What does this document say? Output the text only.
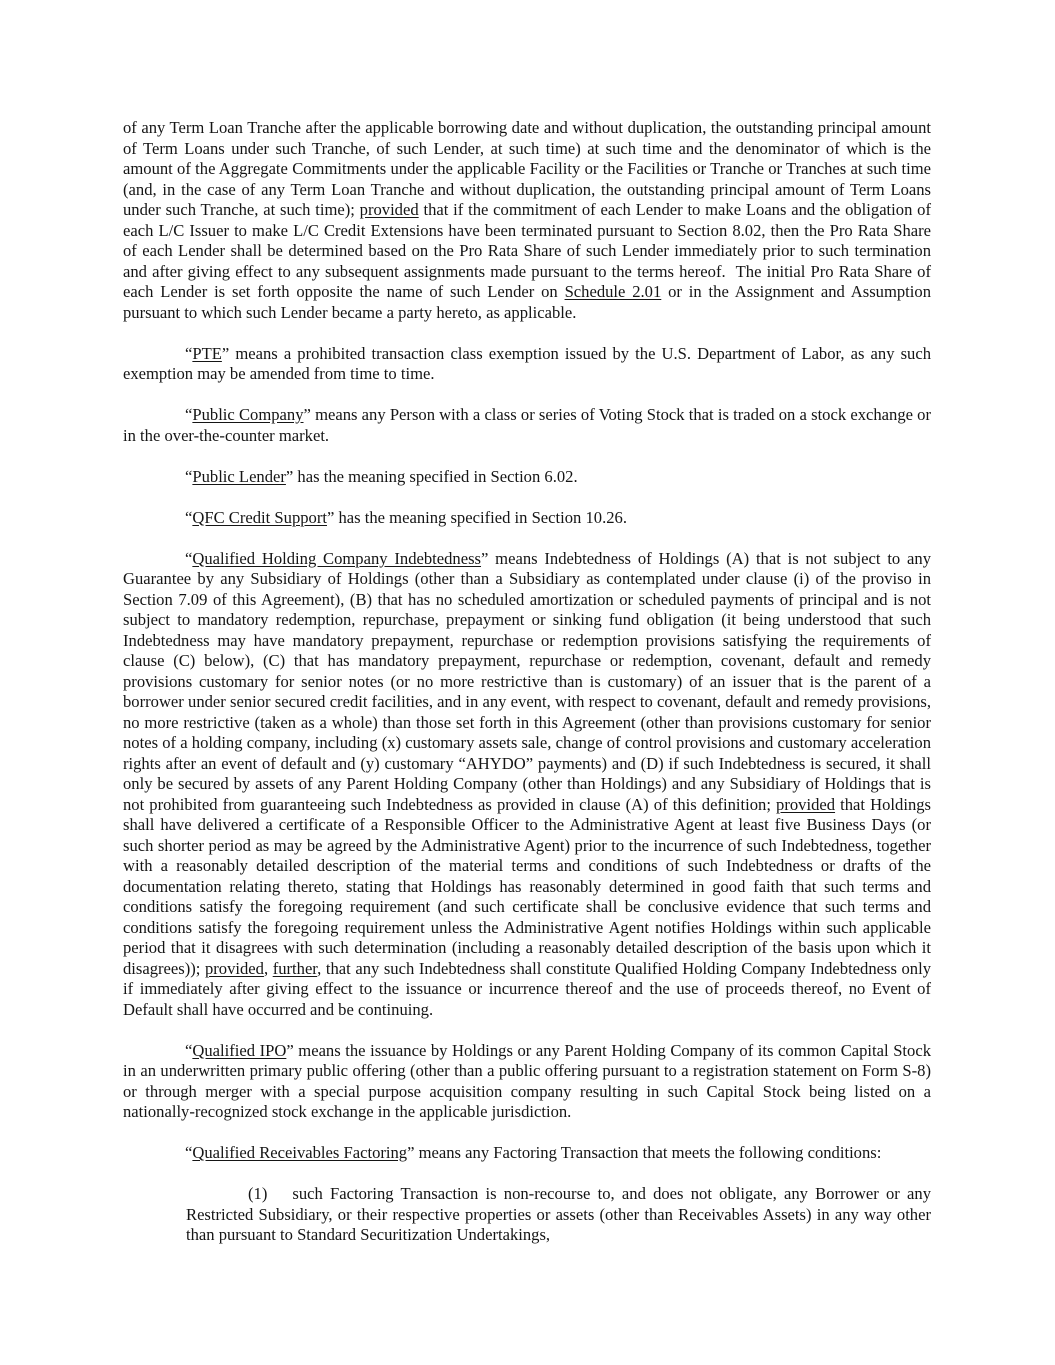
of any Term Loan Tranche after the applicable borrowing date and without duplication, the outstanding principal amount of Term Loans under such Tranche, of such Lender, at such time) at such time and the denominator of which is the amount of the Aggregate Commitments under the applicable Facility or the Facilities or Tranche or Tranches at such time (and, in the case of any Term Loan Tranche and without duplication, the outstanding principal amount of Term Loans under such Tranche, at such time); provided that if the commitment of each Lender to make Loans and the obligation of each L/C Issuer to make L/C Credit Extensions have been terminated pursuant to Section 8.02, then the Pro Rata Share of each Lender shall be determined based on the Pro Rata Share of such Lender immediately prior to such termination and after giving effect to any subsequent assignments made pursuant to the terms hereof.  The initial Pro Rata Share of each Lender is set forth opposite the name of such Lender on Schedule 2.01 or in the Assignment and Assumption pursuant to which such Lender became a party hereto, as applicable.

“PTE” means a prohibited transaction class exemption issued by the U.S. Department of Labor, as any such exemption may be amended from time to time.

“Public Company” means any Person with a class or series of Voting Stock that is traded on a stock exchange or in the over-the-counter market.

“Public Lender” has the meaning specified in Section 6.02.

“QFC Credit Support” has the meaning specified in Section 10.26.

“Qualified Holding Company Indebtedness” means Indebtedness of Holdings (A) that is not subject to any Guarantee by any Subsidiary of Holdings (other than a Subsidiary as contemplated under clause (i) of the proviso in Section 7.09 of this Agreement), (B) that has no scheduled amortization or scheduled payments of principal and is not subject to mandatory redemption, repurchase, prepayment or sinking fund obligation (it being understood that such Indebtedness may have mandatory prepayment, repurchase or redemption provisions satisfying the requirements of clause (C) below), (C) that has mandatory prepayment, repurchase or redemption, covenant, default and remedy provisions customary for senior notes (or no more restrictive than is customary) of an issuer that is the parent of a borrower under senior secured credit facilities, and in any event, with respect to covenant, default and remedy provisions, no more restrictive (taken as a whole) than those set forth in this Agreement (other than provisions customary for senior notes of a holding company, including (x) customary assets sale, change of control provisions and customary acceleration rights after an event of default and (y) customary “AHYDO” payments) and (D) if such Indebtedness is secured, it shall only be secured by assets of any Parent Holding Company (other than Holdings) and any Subsidiary of Holdings that is not prohibited from guaranteeing such Indebtedness as provided in clause (A) of this definition; provided that Holdings shall have delivered a certificate of a Responsible Officer to the Administrative Agent at least five Business Days (or such shorter period as may be agreed by the Administrative Agent) prior to the incurrence of such Indebtedness, together with a reasonably detailed description of the material terms and conditions of such Indebtedness or drafts of the documentation relating thereto, stating that Holdings has reasonably determined in good faith that such terms and conditions satisfy the foregoing requirement (and such certificate shall be conclusive evidence that such terms and conditions satisfy the foregoing requirement unless the Administrative Agent notifies Holdings within such applicable period that it disagrees with such determination (including a reasonably detailed description of the basis upon which it disagrees)); provided, further, that any such Indebtedness shall constitute Qualified Holding Company Indebtedness only if immediately after giving effect to the issuance or incurrence thereof and the use of proceeds thereof, no Event of Default shall have occurred and be continuing.

“Qualified IPO” means the issuance by Holdings or any Parent Holding Company of its common Capital Stock in an underwritten primary public offering (other than a public offering pursuant to a registration statement on Form S-8) or through merger with a special purpose acquisition company resulting in such Capital Stock being listed on a nationally-recognized stock exchange in the applicable jurisdiction.

“Qualified Receivables Factoring” means any Factoring Transaction that meets the following conditions:

(1) such Factoring Transaction is non-recourse to, and does not obligate, any Borrower or any Restricted Subsidiary, or their respective properties or assets (other than Receivables Assets) in any way other than pursuant to Standard Securitization Undertakings,
